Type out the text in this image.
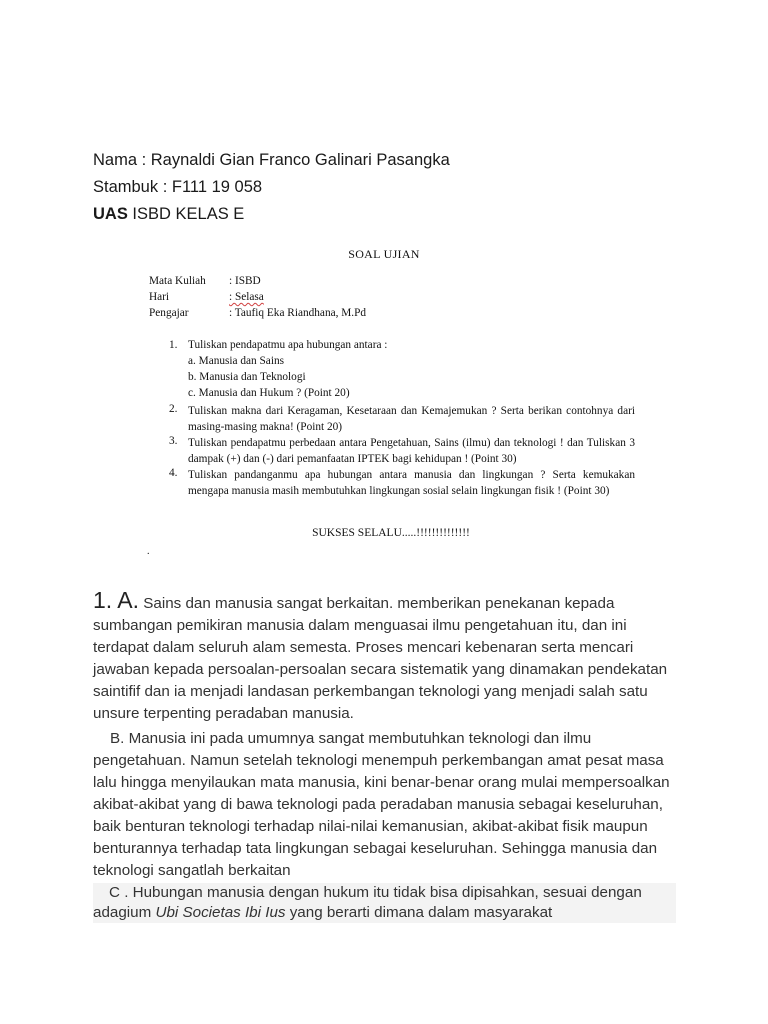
Nama : Raynaldi Gian Franco Galinari Pasangka
Stambuk : F111 19 058
UAS ISBD KELAS E
SOAL UJIAN
Mata Kuliah : ISBD
Hari	: Selasa
Pengajar	: Taufiq Eka Riandhana, M.Pd
1. Tuliskan pendapatmu apa hubungan antara :
a. Manusia dan Sains
b. Manusia dan Teknologi
c. Manusia dan Hukum ? (Point 20)
2. Tuliskan makna dari Keragaman, Kesetaraan dan Kemajemukan ? Serta berikan contohnya dari masing-masing makna! (Point 20)
3. Tuliskan pendapatmu perbedaan antara Pengetahuan, Sains (ilmu) dan teknologi ! dan Tuliskan 3 dampak (+) dan (-) dari pemanfaatan IPTEK bagi kehidupan ! (Point 30)
4. Tuliskan pandanganmu apa hubungan antara manusia dan lingkungan ? Serta kemukakan mengapa manusia masih membutuhkan lingkungan sosial selain lingkungan fisik ! (Point 30)
SUKSES SELALU.....!!!!!!!!!!!!!!
.
1. A. Sains dan manusia sangat berkaitan. memberikan penekanan kepada sumbangan pemikiran manusia dalam menguasai ilmu pengetahuan itu, dan ini terdapat dalam seluruh alam semesta. Proses mencari kebenaran serta mencari jawaban kepada persoalan-persoalan secara sistematik yang dinamakan pendekatan saintifif dan ia menjadi landasan perkembangan teknologi yang menjadi salah satu unsure terpenting peradaban manusia.
B. Manusia ini pada umumnya sangat membutuhkan teknologi dan ilmu pengetahuan. Namun setelah teknologi menempuh perkembangan amat pesat masa lalu hingga menyilaukan mata manusia, kini benar-benar orang mulai mempersoalkan akibat-akibat yang di bawa teknologi pada peradaban manusia sebagai keseluruhan, baik benturan teknologi terhadap nilai-nilai kemanusian, akibat-akibat fisik maupun benturannya terhadap tata lingkungan sebagai keseluruhan. Sehingga manusia dan teknologi sangatlah berkaitan
C . Hubungan manusia dengan hukum itu tidak bisa dipisahkan, sesuai dengan adagium Ubi Societas Ibi Ius yang berarti dimana dalam masyarakat
